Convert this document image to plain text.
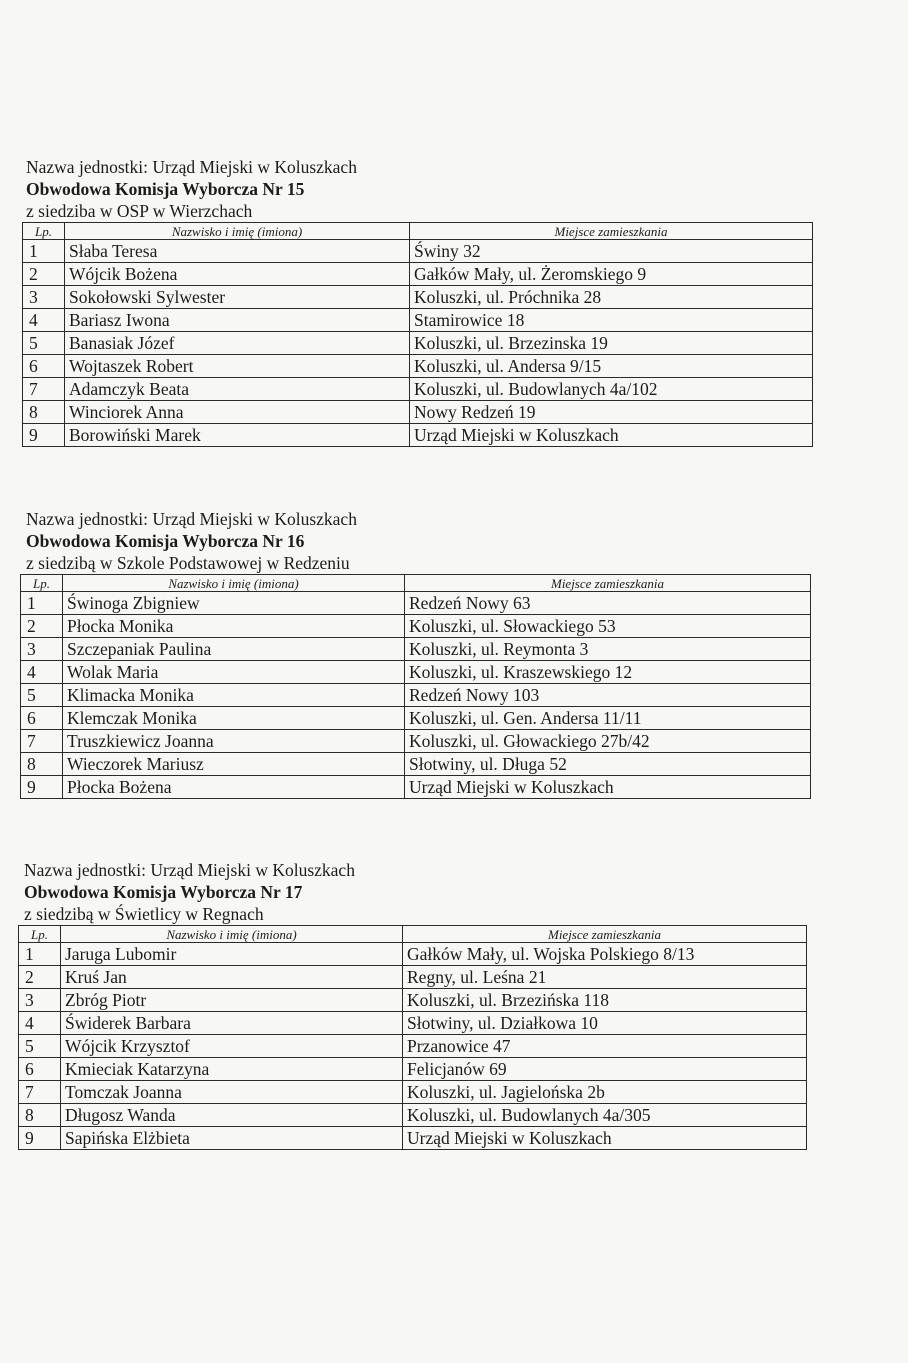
Nazwa jednostki: Urząd Miejski w Koluszkach
Obwodowa Komisja Wyborcza Nr 15
z siedziba w OSP w Wierzchach
Lp.	Nazwisko i imię (imiona)	Miejsce zamieszkania
1	Słaba Teresa	Świny 32
2	Wójcik Bożena	Gałków Mały, ul. Żeromskiego 9
3	Sokołowski Sylwester	Koluszki, ul. Próchnika 28
4	Bariasz Iwona	Stamirowice 18
5	Banasiak Józef	Koluszki, ul. Brzezinska 19
6	Wojtaszek Robert	Koluszki, ul. Andersa 9/15
7	Adamczyk Beata	Koluszki, ul. Budowlanych 4a/102
8	Winciorek Anna	Nowy Redzeń 19
9	Borowiński Marek	Urząd Miejski w Koluszkach
Nazwa jednostki: Urząd Miejski w Koluszkach
Obwodowa Komisja Wyborcza Nr 16
z siedzibą w Szkole Podstawowej w Redzeniu
Lp.	Nazwisko i imię (imiona)	Miejsce zamieszkania
1	Świnoga Zbigniew	Redzeń Nowy 63
2	Płocka Monika	Koluszki, ul. Słowackiego 53
3	Szczepaniak Paulina	Koluszki, ul. Reymonta 3
4	Wolak Maria	Koluszki, ul. Kraszewskiego 12
5	Klimacka Monika	Redzeń Nowy 103
6	Klemczak Monika	Koluszki, ul. Gen. Andersa 11/11
7	Truszkiewicz Joanna	Koluszki, ul. Głowackiego 27b/42
8	Wieczorek Mariusz	Słotwiny, ul. Długa 52
9	Płocka Bożena	Urząd Miejski w Koluszkach
Nazwa jednostki: Urząd Miejski w Koluszkach
Obwodowa Komisja Wyborcza Nr 17
z siedzibą w Świetlicy w Regnach
Lp.	Nazwisko i imię (imiona)	Miejsce zamieszkania
1	Jaruga Lubomir	Gałków Mały, ul. Wojska Polskiego 8/13
2	Kruś Jan	Regny, ul. Leśna 21
3	Zbróg Piotr	Koluszki, ul. Brzezińska 118
4	Świderek Barbara	Słotwiny, ul. Działkowa 10
5	Wójcik Krzysztof	Przanowice 47
6	Kmieciak Katarzyna	Felicjanów 69
7	Tomczak Joanna	Koluszki, ul. Jagielońska 2b
8	Długosz Wanda	Koluszki, ul. Budowlanych 4a/305
9	Sapińska Elżbieta	Urząd Miejski w Koluszkach
